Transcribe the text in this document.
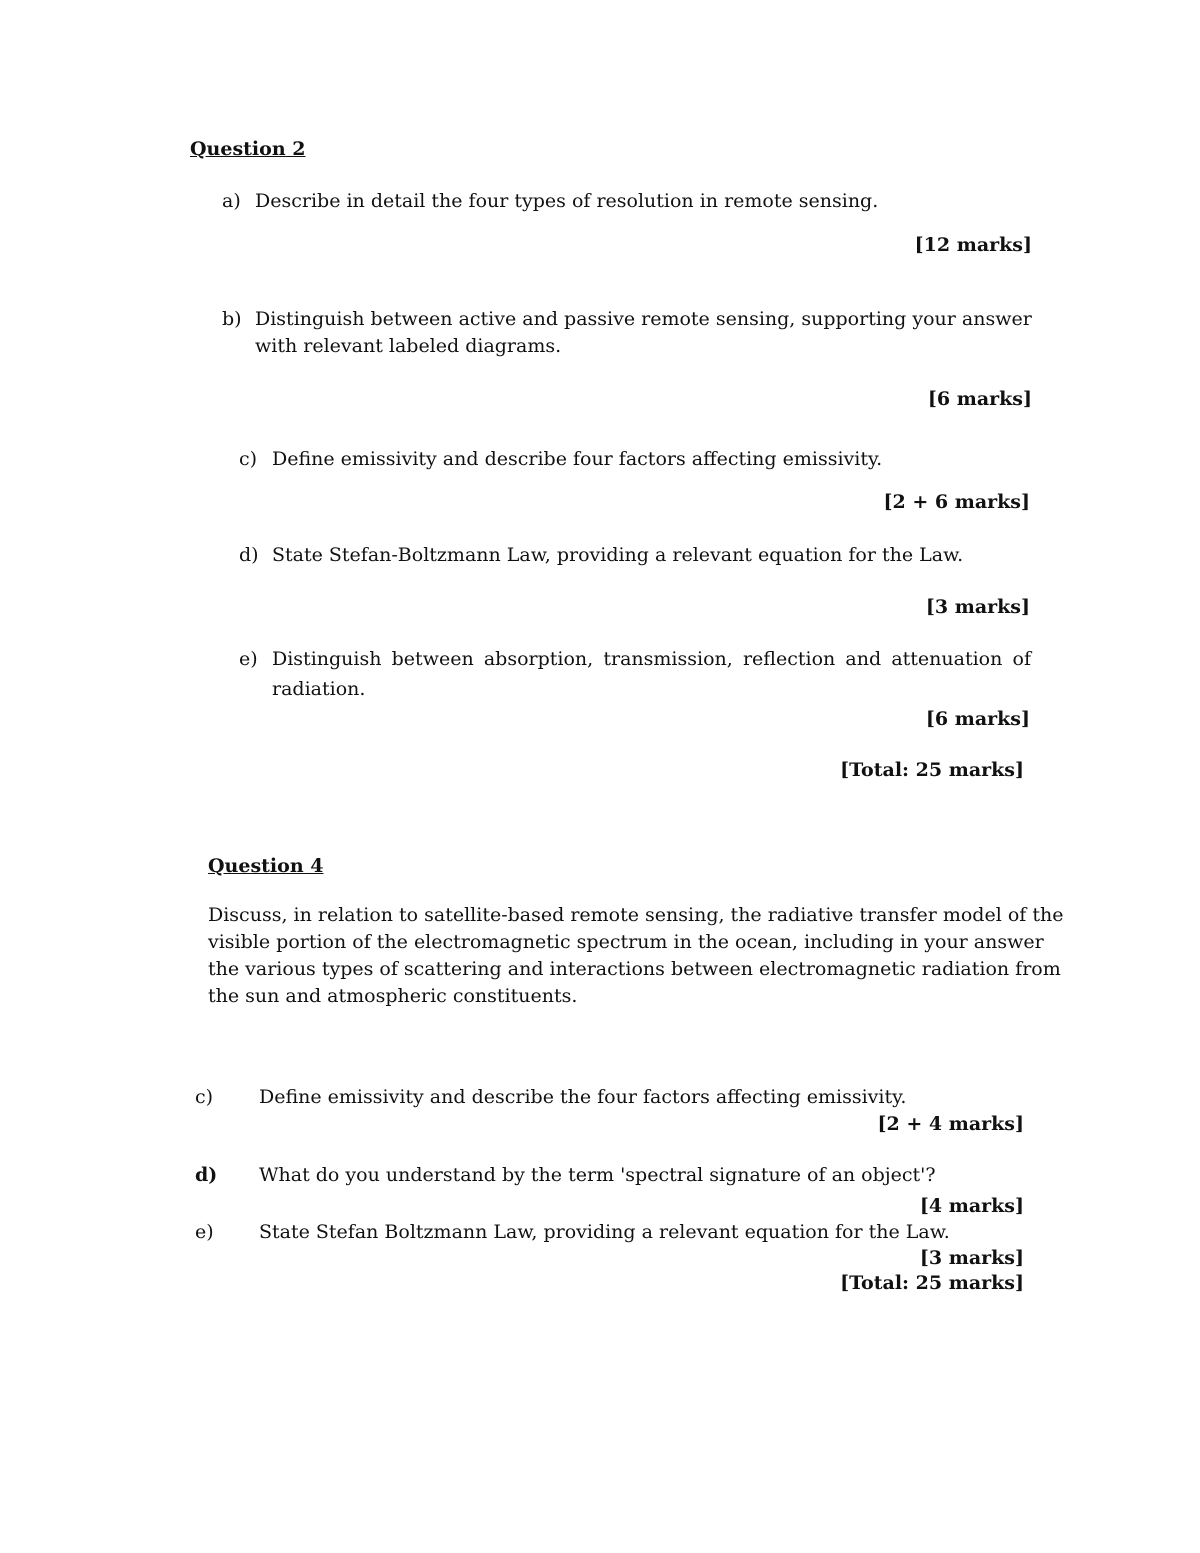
Question 2
a) Describe in detail the four types of resolution in remote sensing.
[12 marks]
b) Distinguish between active and passive remote sensing, supporting your answer
with relevant labeled diagrams.
[6 marks]
c) Define emissivity and describe four factors affecting emissivity.
[2 + 6 marks]
d) State Stefan-Boltzmann Law, providing a relevant equation for the Law.
[3 marks]
e) Distinguish between absorption, transmission, reflection and attenuation of
radiation.
[6 marks]
[Total: 25 marks]
Question 4
Discuss, in relation to satellite-based remote sensing, the radiative transfer model of the
visible portion of the electromagnetic spectrum in the ocean, including in your answer
the various types of scattering and interactions between electromagnetic radiation from
the sun and atmospheric constituents.
c) Define emissivity and describe the four factors affecting emissivity.
[2 + 4 marks]
d) What do you understand by the term 'spectral signature of an object'?
[4 marks]
e) State Stefan Boltzmann Law, providing a relevant equation for the Law.
[3 marks]
[Total: 25 marks]
